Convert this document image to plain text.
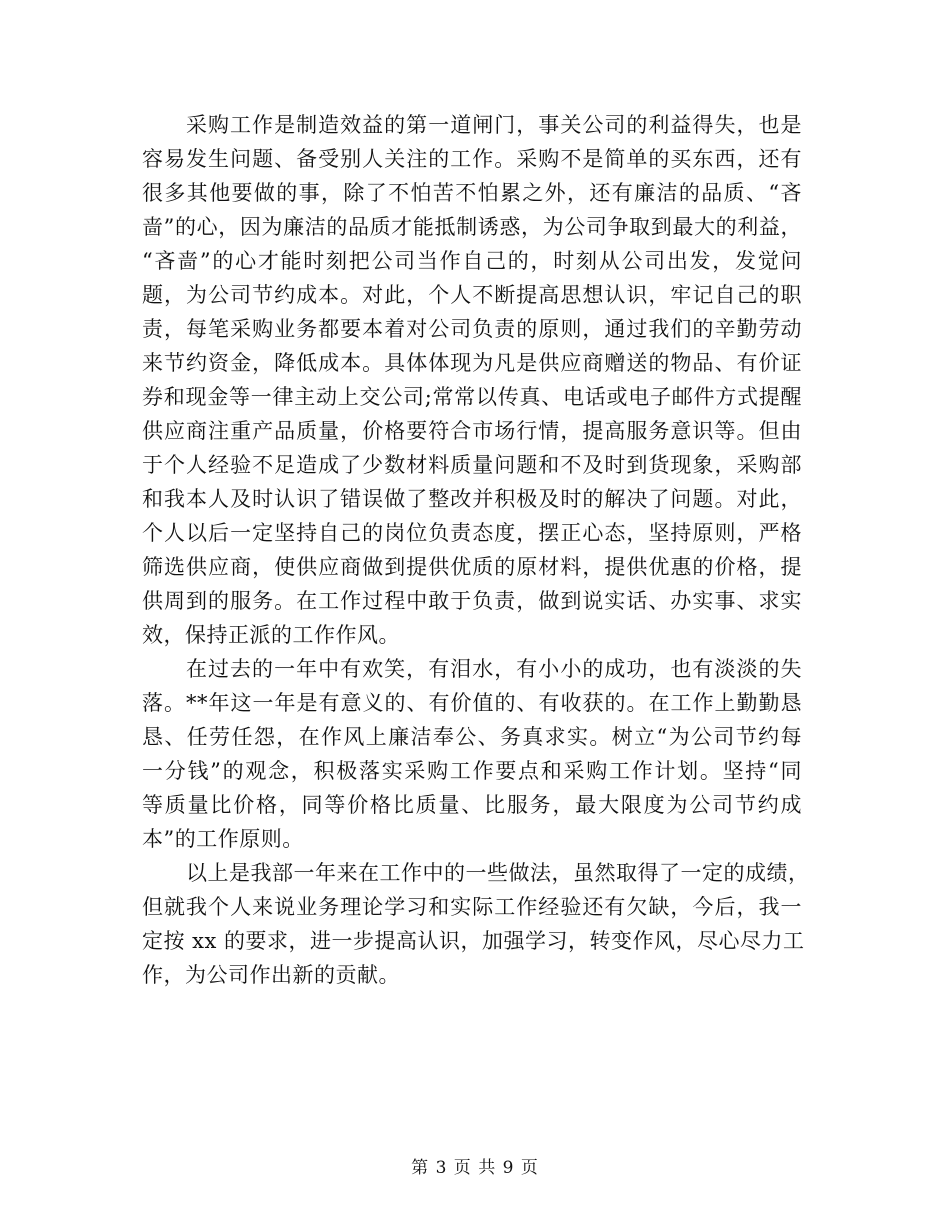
采购工作是制造效益的第一道闸门，事关公司的利益得失，也是
容易发生问题、备受别人关注的工作。采购不是简单的买东西，还有
很多其他要做的事，除了不怕苦不怕累之外，还有廉洁的品质、“吝
啬”的心，因为廉洁的品质才能抵制诱惑，为公司争取到最大的利益，
“吝啬”的心才能时刻把公司当作自己的，时刻从公司出发，发觉问
题，为公司节约成本。对此，个人不断提高思想认识，牢记自己的职
责，每笔采购业务都要本着对公司负责的原则，通过我们的辛勤劳动
来节约资金，降低成本。具体体现为凡是供应商赠送的物品、有价证
券和现金等一律主动上交公司;常常以传真、电话或电子邮件方式提醒
供应商注重产品质量，价格要符合市场行情，提高服务意识等。但由
于个人经验不足造成了少数材料质量问题和不及时到货现象，采购部
和我本人及时认识了错误做了整改并积极及时的解决了问题。对此，
个人以后一定坚持自己的岗位负责态度，摆正心态，坚持原则，严格
筛选供应商，使供应商做到提供优质的原材料，提供优惠的价格，提
供周到的服务。在工作过程中敢于负责，做到说实话、办实事、求实
效，保持正派的工作作风。
在过去的一年中有欢笑，有泪水，有小小的成功，也有淡淡的失
落。**年这一年是有意义的、有价值的、有收获的。在工作上勤勤恳
恳、任劳任怨，在作风上廉洁奉公、务真求实。树立“为公司节约每
一分钱”的观念，积极落实采购工作要点和采购工作计划。坚持“同
等质量比价格，同等价格比质量、比服务，最大限度为公司节约成
本”的工作原则。
以上是我部一年来在工作中的一些做法，虽然取得了一定的成绩，
但就我个人来说业务理论学习和实际工作经验还有欠缺，今后，我一
定按 xx 的要求，进一步提高认识，加强学习，转变作风，尽心尽力工
作，为公司作出新的贡献。
第 3 页 共 9 页
